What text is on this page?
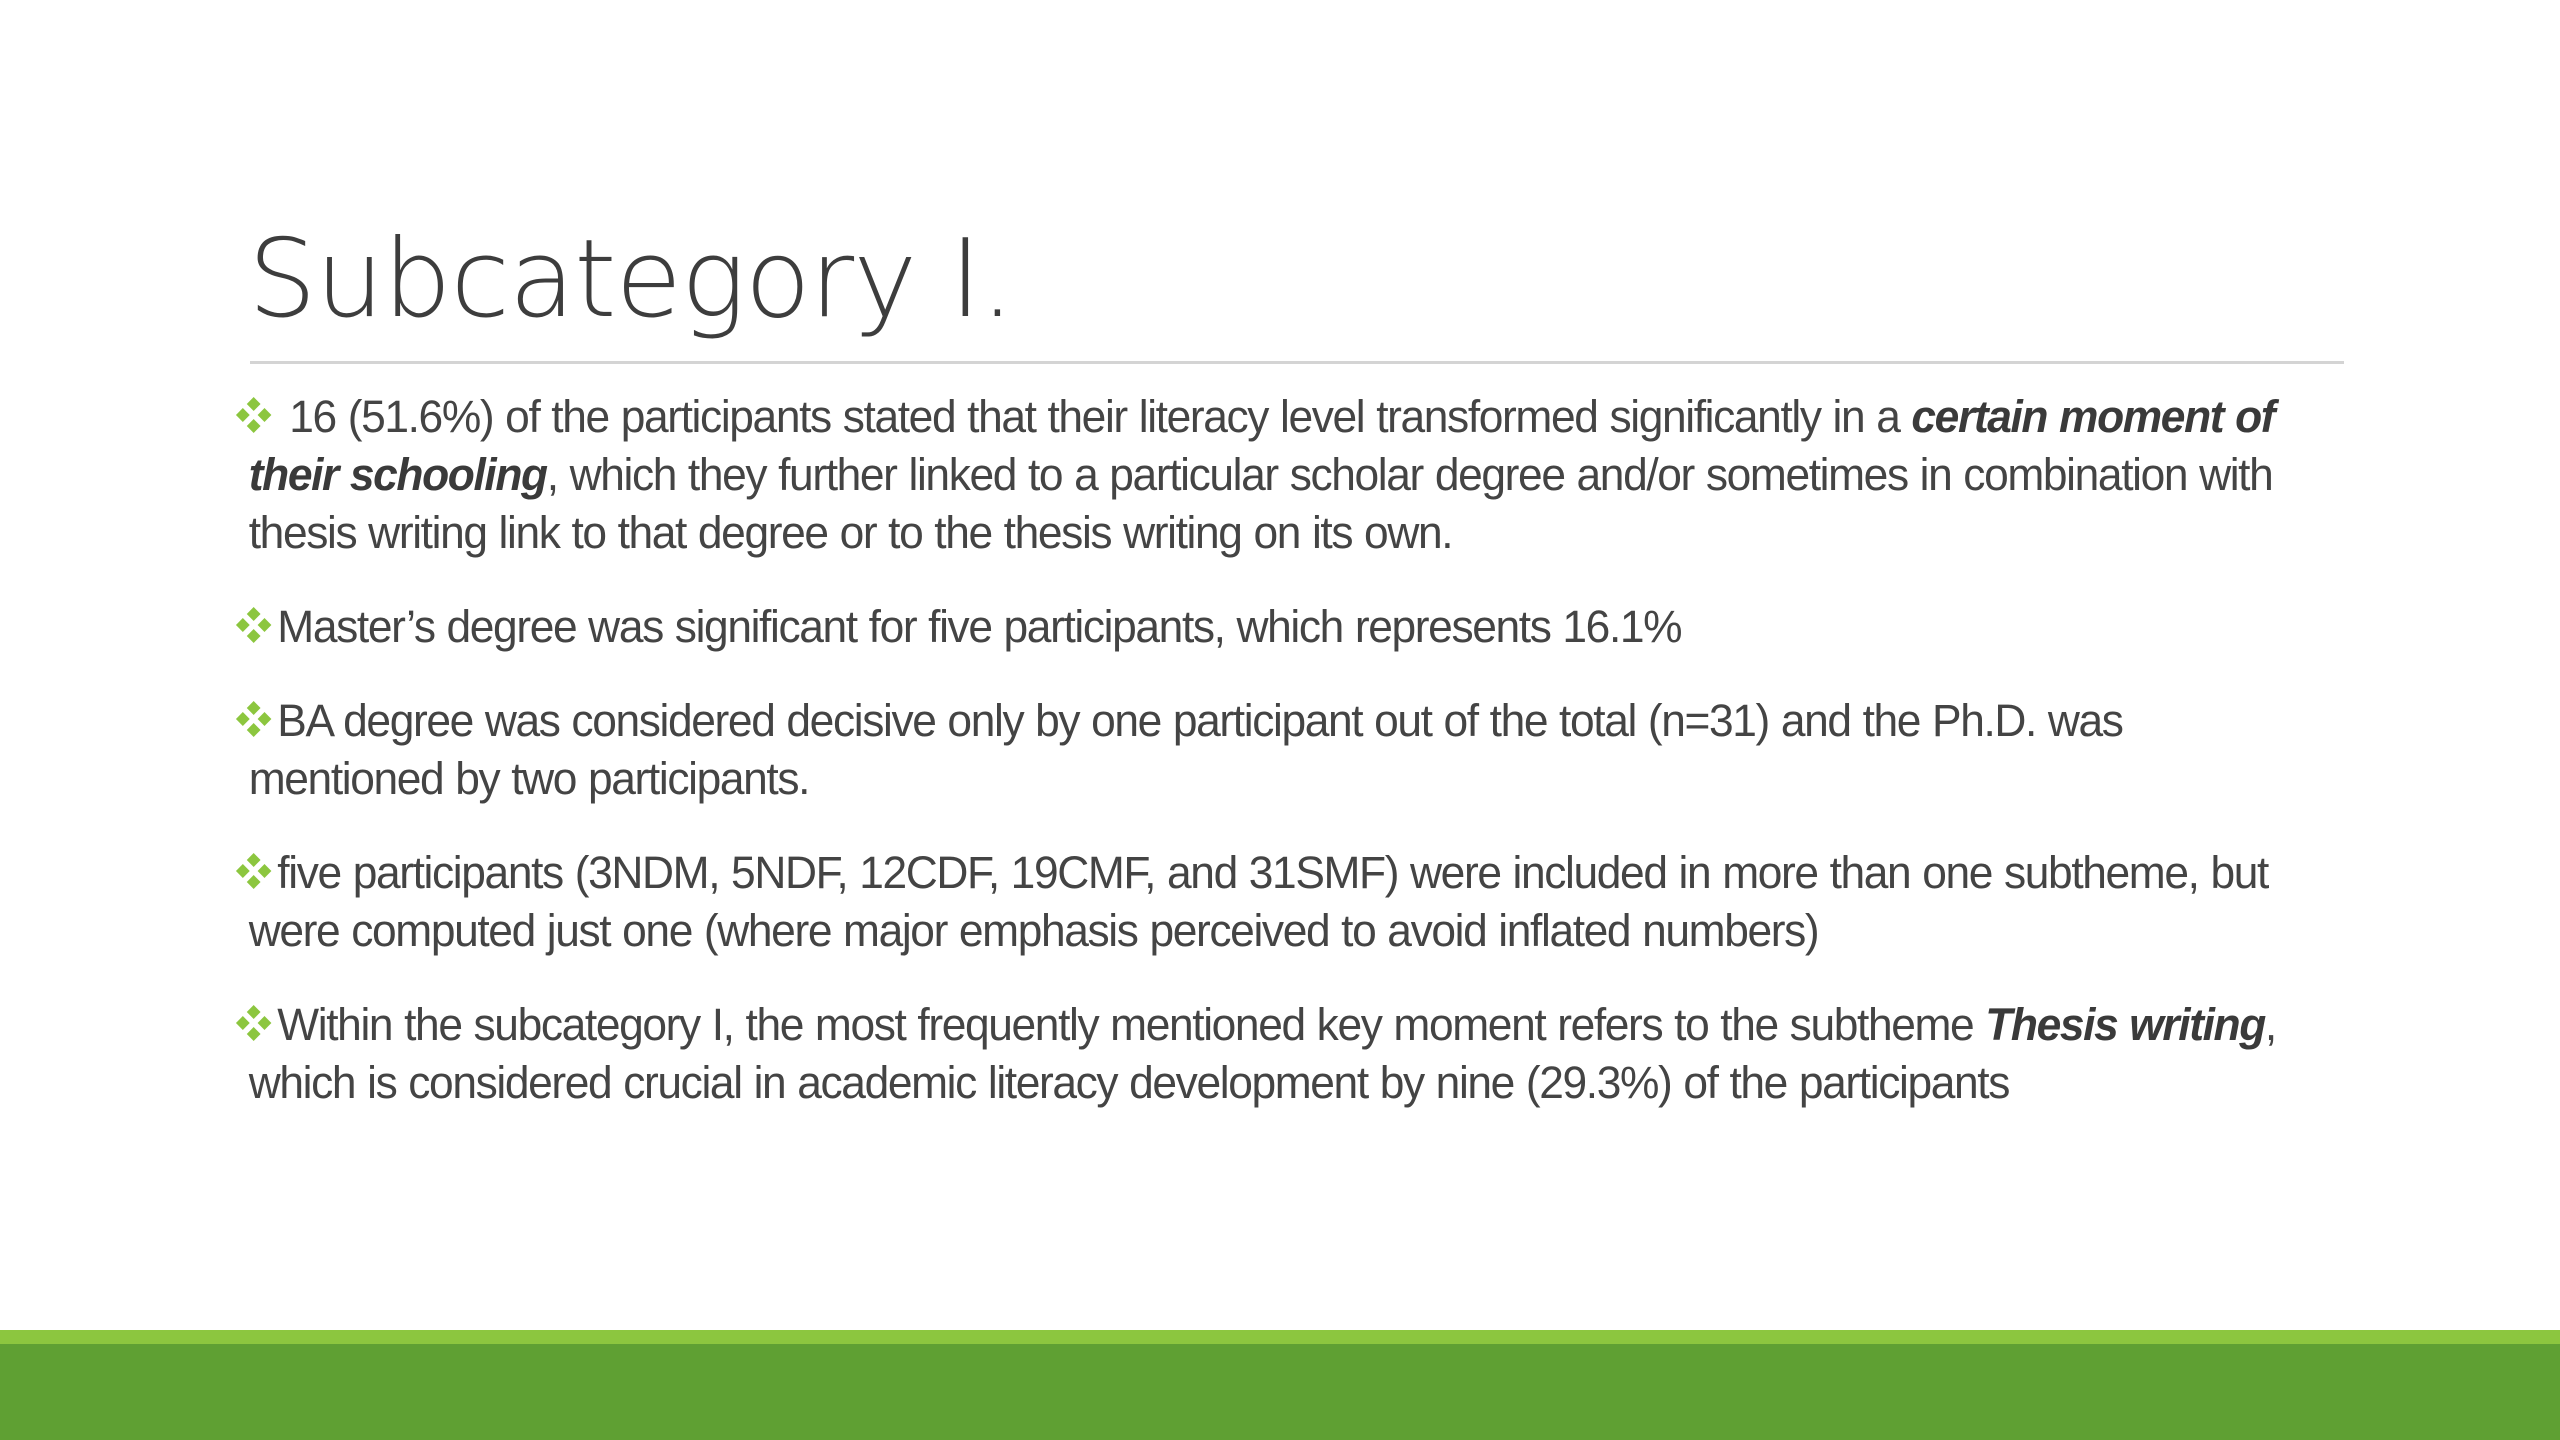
Subcategory I.
16 (51.6%) of the participants stated that their literacy level transformed significantly in a certain moment of their schooling, which they further linked to a particular scholar degree and/or sometimes in combination with thesis writing link to that degree or to the thesis writing on its own.
Master’s degree was significant for five participants, which represents 16.1%
BA degree was considered decisive only by one participant out of the total (n=31) and the Ph.D. was mentioned by two participants.
five participants (3NDM, 5NDF, 12CDF, 19CMF, and 31SMF) were included in more than one subtheme, but were computed just one (where major emphasis perceived to avoid inflated numbers)
Within the subcategory I, the most frequently mentioned key moment refers to the subtheme Thesis writing, which is considered crucial in academic literacy development by nine (29.3%) of the participants
